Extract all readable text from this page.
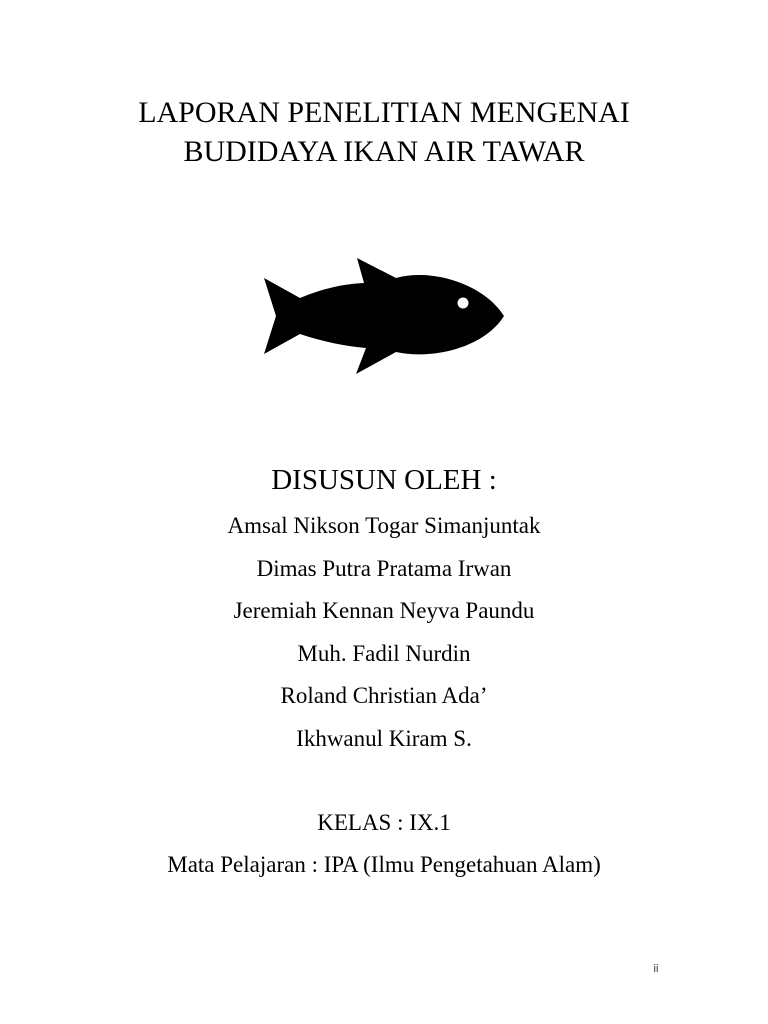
LAPORAN PENELITIAN MENGENAI
BUDIDAYA IKAN AIR TAWAR
DISUSUN OLEH :
Amsal Nikson Togar Simanjuntak
Dimas Putra Pratama Irwan
Jeremiah Kennan Neyva Paundu
Muh. Fadil Nurdin
Roland Christian Ada’
Ikhwanul Kiram S.
KELAS : IX.1
Mata Pelajaran : IPA (Ilmu Pengetahuan Alam)
ii
